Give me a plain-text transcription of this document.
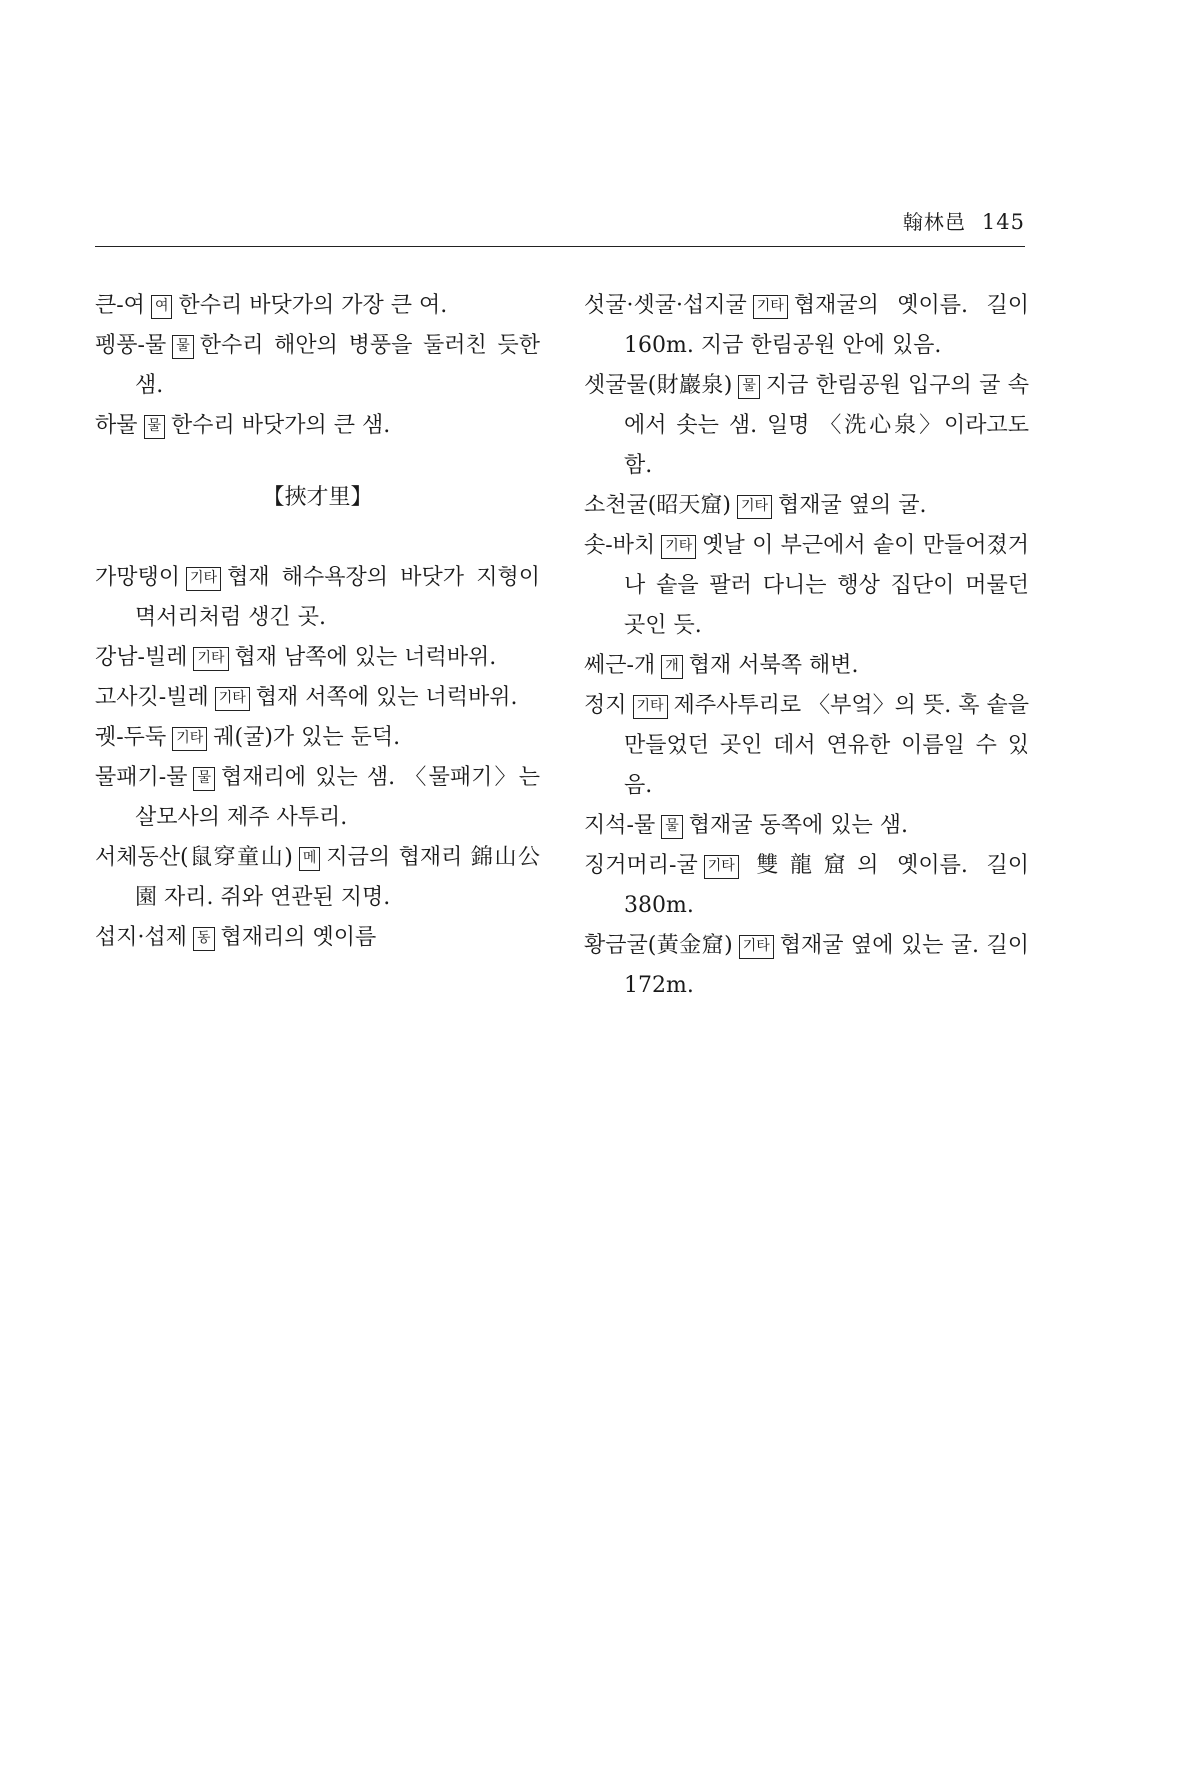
翰林邑 145

큰-여 여 한수리 바닷가의 가장 큰 여.

펭풍-물 물 한수리 해안의 병풍을 둘러친 듯한 샘.

하물 물 한수리 바닷가의 큰 샘.

【挾才里】

가망탱이 기타 협재 해수욕장의 바닷가 지형이 멱서리처럼 생긴 곳.

강남-빌레 기타 협재 남쪽에 있는 너럭바위.

고사깃-빌레 기타 협재 서쪽에 있는 너럭바위.

궷-두둑 기타 궤(굴)가 있는 둔덕.

물패기-물 물 협재리에 있는 샘. 〈물패기〉는 살모사의 제주 사투리.

서체동산(鼠穿童山) 메 지금의 협재리 錦山公園 자리. 쥐와 연관된 지명.

섭지·섭제 동 협재리의 옛이름

섯굴·셋굴·섭지굴 기타 협재굴의 옛이름. 길이 160m. 지금 한림공원 안에 있음.

셋굴물(財巖泉) 물 지금 한림공원 입구의 굴 속에서 솟는 샘. 일명 〈洗心泉〉이라고도 함.

소천굴(昭天窟) 기타 협재굴 옆의 굴.

솟-바치 기타 옛날 이 부근에서 솥이 만들어졌거나 솥을 팔러 다니는 행상 집단이 머물던 곳인 듯.

쎄근-개 개 협재 서북쪽 해변.

정지 기타 제주사투리로 〈부엌〉의 뜻. 혹 솥을 만들었던 곳인 데서 연유한 이름일 수 있음.

지석-물 물 협재굴 동쪽에 있는 샘.

징거머리-굴 기타 雙龍窟의 옛이름. 길이 380m.

황금굴(黃金窟) 기타 협재굴 옆에 있는 굴. 길이 172m.
